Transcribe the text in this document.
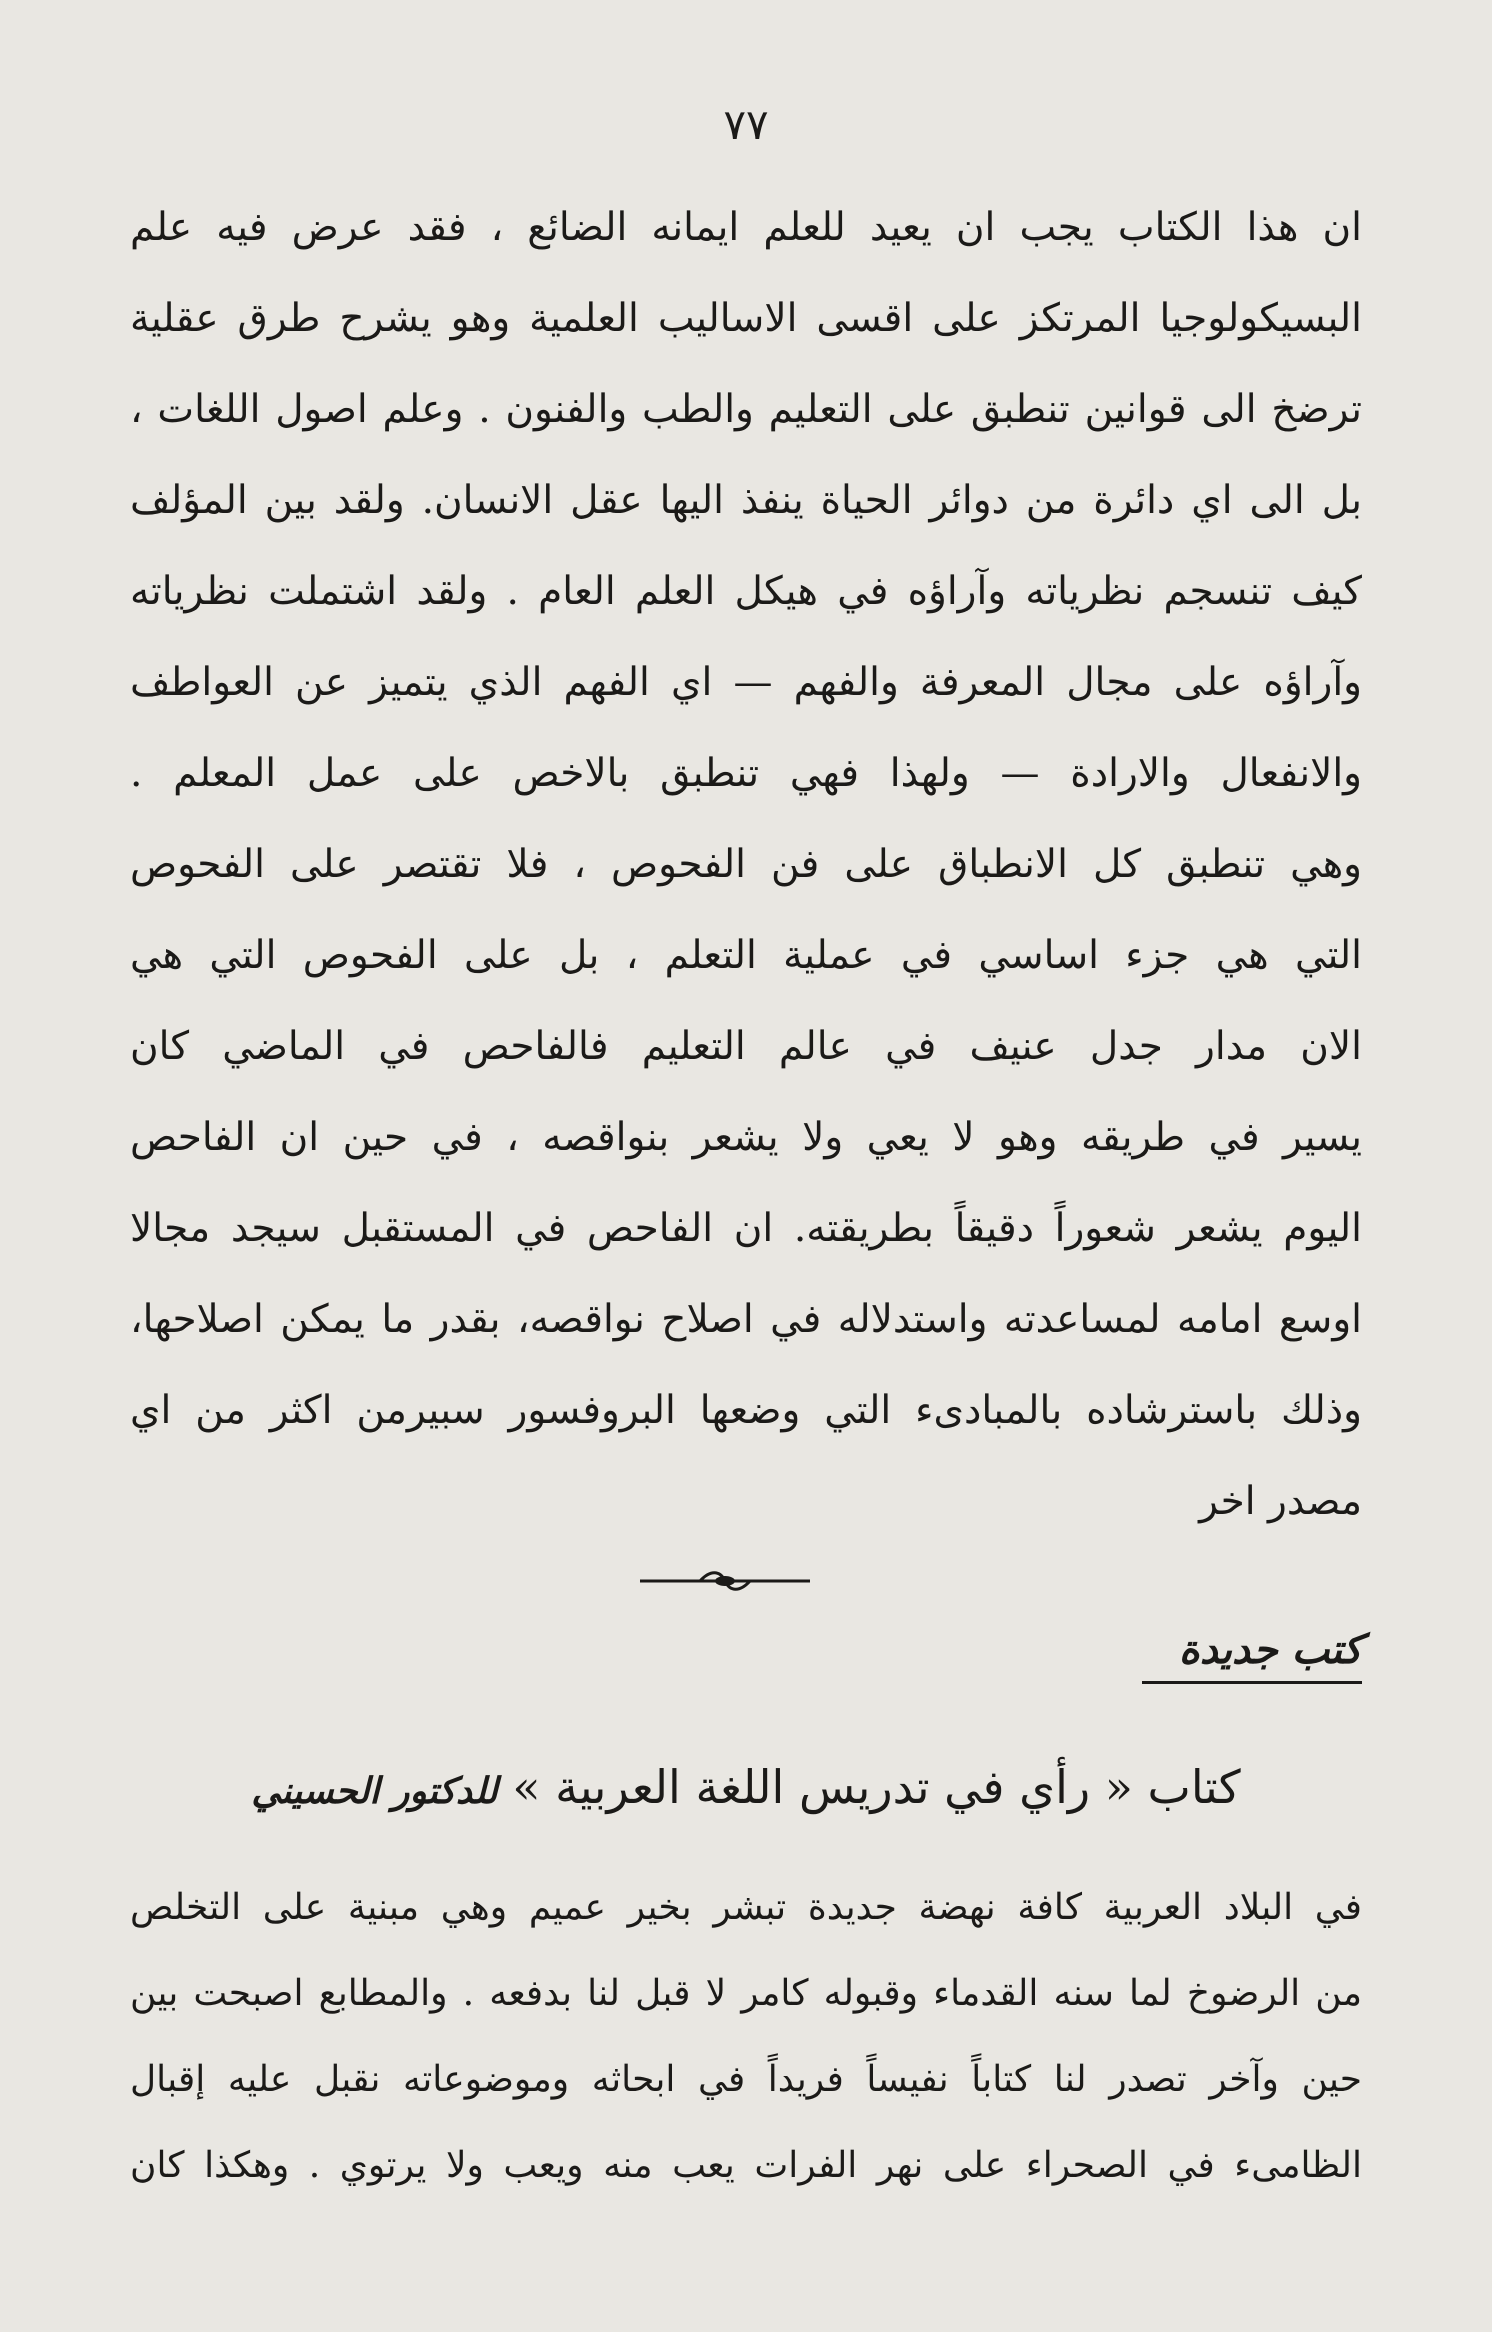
٧٧
ان هذا الكتاب يجب ان يعيد للعلم ايمانه الضائع ، فقد عرض فيه علم
البسيكولوجيا المرتكز على اقسى الاساليب العلمية وهو يشرح طرق عقلية
ترضخ الى قوانين تنطبق على التعليم والطب والفنون . وعلم اصول اللغات ،
بل الى اي دائرة من دوائر الحياة ينفذ اليها عقل الانسان. ولقد بين المؤلف
كيف تنسجم نظرياته وآراؤه في هيكل العلم العام . ولقد اشتملت نظرياته
وآراؤه على مجال المعرفة والفهم — اي الفهم الذي يتميز عن العواطف
والانفعال والارادة — ولهذا فهي تنطبق بالاخص على عمل المعلم .
وهي تنطبق كل الانطباق على فن الفحوص ، فلا تقتصر على الفحوص
التي هي جزء اساسي في عملية التعلم ، بل على الفحوص التي هي
الان مدار جدل عنيف في عالم التعليم فالفاحص في الماضي كان
يسير في طريقه وهو لا يعي ولا يشعر بنواقصه ، في حين ان الفاحص
اليوم يشعر شعوراً دقيقاً بطريقته. ان الفاحص في المستقبل سيجد مجالا
اوسع امامه لمساعدته واستدلاله في اصلاح نواقصه، بقدر ما يمكن اصلاحها،
وذلك باسترشاده بالمبادىء التي وضعها البروفسور سبيرمن اكثر من اي
مصدر اخر
كتب جديدة
كتاب « رأي في تدريس اللغة العربية » للدكتور الحسيني
في البلاد العربية كافة نهضة جديدة تبشر بخير عميم وهي مبنية على التخلص
من الرضوخ لما سنه القدماء وقبوله كامر لا قبل لنا بدفعه . والمطابع اصبحت بين
حين وآخر تصدر لنا كتاباً نفيساً فريداً في ابحاثه وموضوعاته نقبل عليه إقبال
الظامىء في الصحراء على نهر الفرات يعب منه ويعب ولا يرتوي . وهكذا كان
